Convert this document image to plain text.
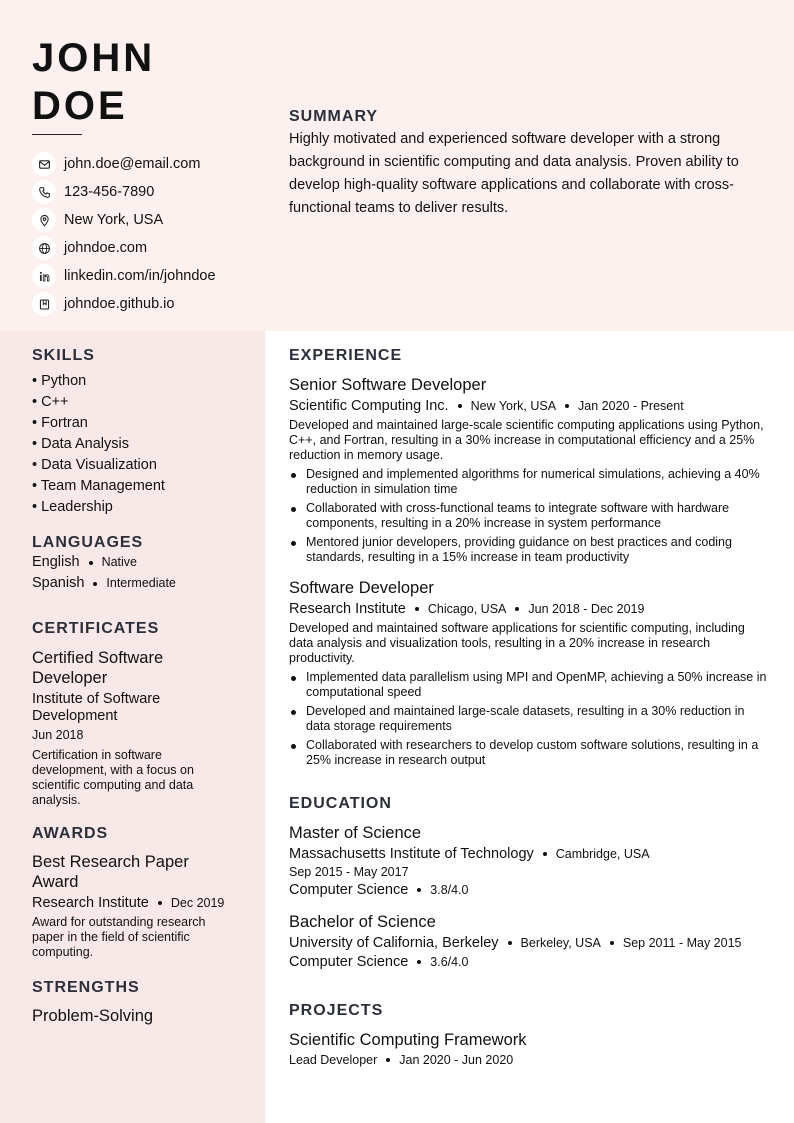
JOHN
DOE
john.doe@email.com
123-456-7890
New York, USA
johndoe.com
linkedin.com/in/johndoe
johndoe.github.io
SUMMARY

Highly motivated and experienced software developer with a strong background in scientific computing and data analysis. Proven ability to develop high-quality software applications and collaborate with cross-functional teams to deliver results.

SKILLS
• Python
• C++
• Fortran
• Data Analysis
• Data Visualization
• Team Management
• Leadership
LANGUAGES
English Native
Spanish Intermediate
CERTIFICATES
Certified Software Developer
Institute of Software Development
Jun 2018
Certification in software development, with a focus on scientific computing and data analysis.
AWARDS
Best Research Paper Award
Research Institute Dec 2019
Award for outstanding research paper in the field of scientific computing.
STRENGTHS
Problem-Solving
EXPERIENCE
Senior Software Developer
Scientific Computing Inc. New York, USA Jan 2020 - Present
Developed and maintained large-scale scientific computing applications using Python, C++, and Fortran, resulting in a 30% increase in computational efficiency and a 25% reduction in memory usage.
Designed and implemented algorithms for numerical simulations, achieving a 40% reduction in simulation time
Collaborated with cross-functional teams to integrate software with hardware components, resulting in a 20% increase in system performance
Mentored junior developers, providing guidance on best practices and coding standards, resulting in a 15% increase in team productivity
Software Developer
Research Institute Chicago, USA Jun 2018 - Dec 2019
Developed and maintained software applications for scientific computing, including data analysis and visualization tools, resulting in a 20% increase in research productivity.
Implemented data parallelism using MPI and OpenMP, achieving a 50% increase in computational speed
Developed and maintained large-scale datasets, resulting in a 30% reduction in data storage requirements
Collaborated with researchers to develop custom software solutions, resulting in a 25% increase in research output
EDUCATION
Master of Science
Massachusetts Institute of Technology Cambridge, USA
Sep 2015 - May 2017
Computer Science 3.8/4.0
Bachelor of Science
University of California, Berkeley Berkeley, USA Sep 2011 - May 2015
Computer Science 3.6/4.0
PROJECTS
Scientific Computing Framework
Lead Developer Jan 2020 - Jun 2020
